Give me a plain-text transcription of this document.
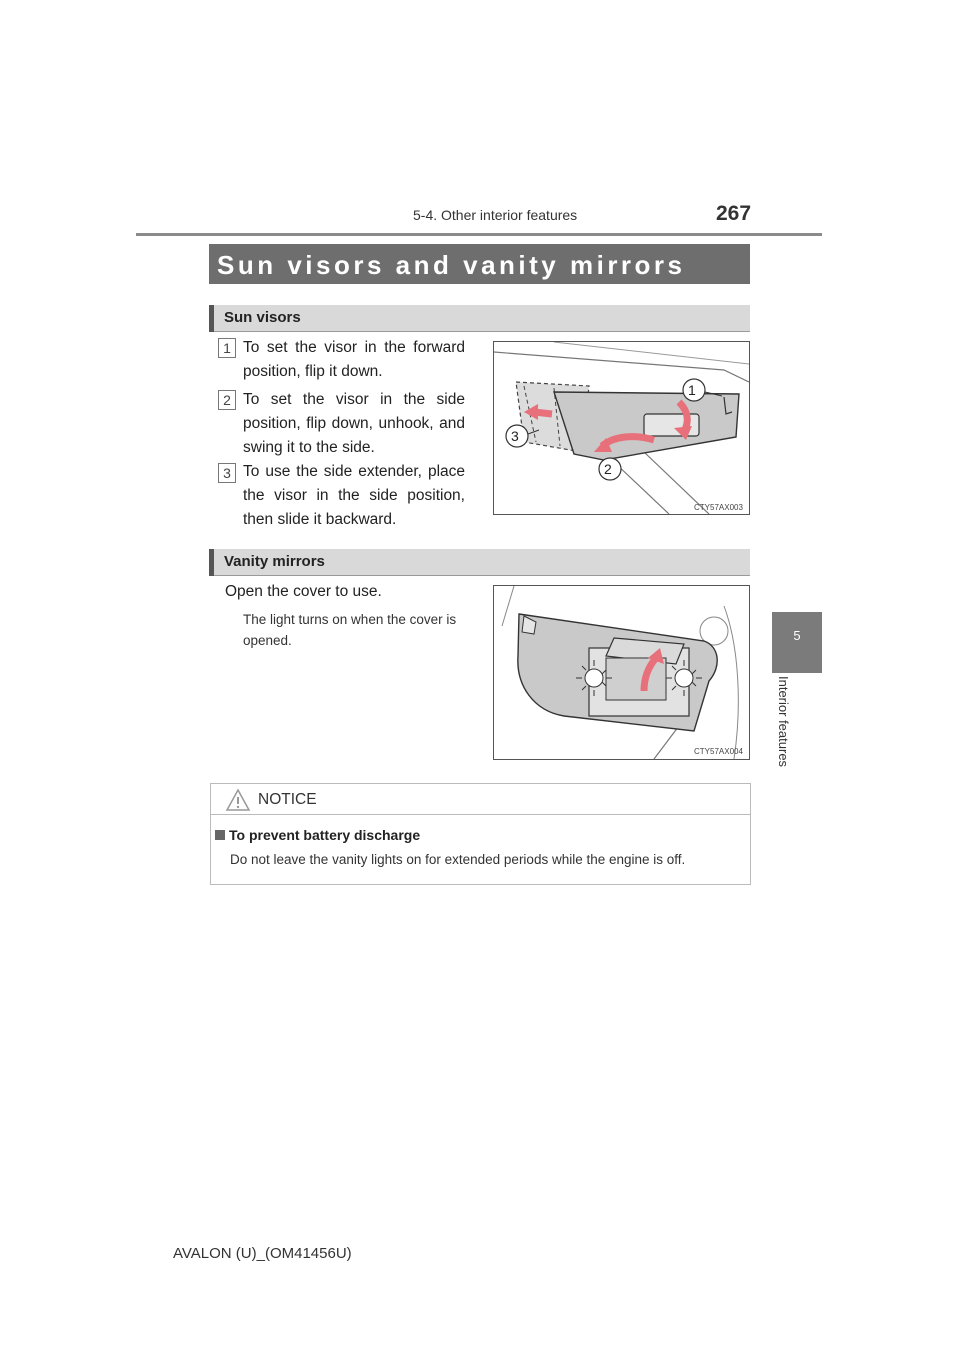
5-4. Other interior features	267
5
Interior features
Sun visors and vanity mirrors
Sun visors
1 To set the visor in the forward position, flip it down.
2 To set the visor in the side position, flip down, unhook, and swing it to the side.
3 To use the side extender, place the visor in the side position, then slide it backward.
1
2
3
CTY57AX003
Vanity mirrors
Open the cover to use.
The light turns on when the cover is opened.
CTY57AX004
NOTICE
To prevent battery discharge
Do not leave the vanity lights on for extended periods while the engine is off.
AVALON (U)_(OM41456U)
